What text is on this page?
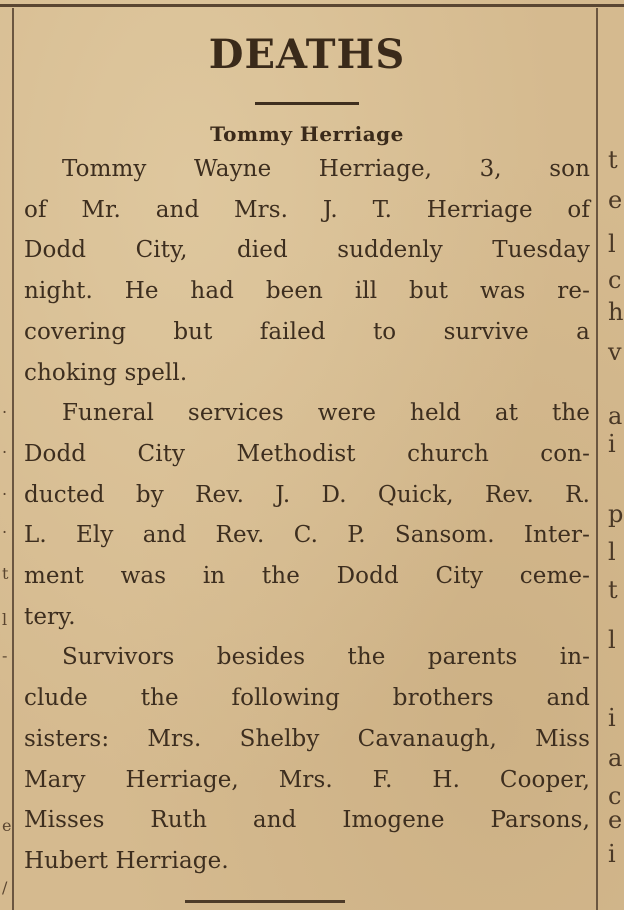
.
.
.
.
t
l
-
e
/
t
e
l
c
h
v
a
i
p
l
t
l
i
a
c
e
i
DEATHS
Tommy Herriage
Tommy Wayne Herriage, 3, son
of Mr. and Mrs. J. T. Herriage of
Dodd City, died suddenly Tuesday
night. He had been ill but was re-
covering but failed to survive a
choking spell.
Funeral services were held at the
Dodd City Methodist church con-
ducted by Rev. J. D. Quick, Rev. R.
L. Ely and Rev. C. P. Sansom. Inter-
ment was in the Dodd City ceme-
tery.
Survivors besides the parents in-
clude the following brothers and
sisters: Mrs. Shelby Cavanaugh, Miss
Mary Herriage, Mrs. F. H. Cooper,
Misses Ruth and Imogene Parsons,
Hubert Herriage.
